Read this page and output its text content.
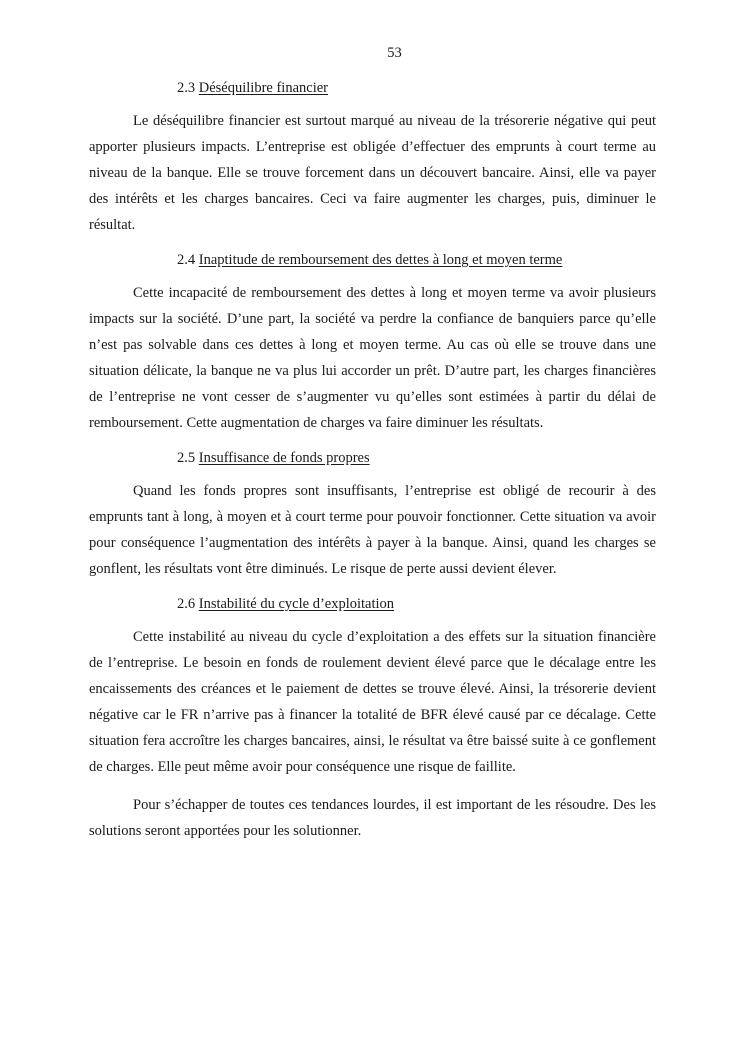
53
2.3 Déséquilibre financier

Le déséquilibre financier est surtout marqué au niveau de la trésorerie négative qui peut apporter plusieurs impacts. L’entreprise est obligée d’effectuer des emprunts à court terme au niveau de la banque. Elle se trouve forcement dans un découvert bancaire. Ainsi, elle va payer des intérêts et les charges bancaires. Ceci va faire augmenter les charges, puis, diminuer le résultat.

2.4 Inaptitude de remboursement des dettes à long et moyen terme

Cette incapacité de remboursement des dettes à long et moyen terme va avoir plusieurs impacts sur la société. D’une part, la société va perdre la confiance de banquiers parce qu’elle n’est pas solvable dans ces dettes à long et moyen terme. Au cas où elle se trouve dans une situation délicate, la banque ne va plus lui accorder un prêt. D’autre part, les charges financières de l’entreprise ne vont cesser de s’augmenter vu qu’elles sont estimées à partir du délai de remboursement. Cette augmentation de charges va faire diminuer les résultats.

2.5 Insuffisance de fonds propres

Quand les fonds propres sont insuffisants, l’entreprise est obligé de recourir à des emprunts tant à long, à moyen et à court terme pour pouvoir fonctionner. Cette situation va avoir pour conséquence l’augmentation des intérêts à payer à la banque. Ainsi, quand les charges se gonflent, les résultats vont être diminués. Le risque de perte aussi devient élever.

2.6 Instabilité du cycle d’exploitation

Cette instabilité au niveau du cycle d’exploitation a des effets sur la situation financière de l’entreprise. Le besoin en fonds de roulement devient élevé parce que le décalage entre les encaissements des créances et le paiement de dettes se trouve élevé. Ainsi, la trésorerie devient négative car le FR n’arrive pas à financer la totalité de BFR élevé causé par ce décalage. Cette situation fera accroître les charges bancaires, ainsi, le résultat va être baissé suite à ce gonflement de charges. Elle peut même avoir pour conséquence une risque de faillite.

Pour s’échapper de toutes ces tendances lourdes, il est important de les résoudre. Des les solutions seront apportées pour les solutionner.
